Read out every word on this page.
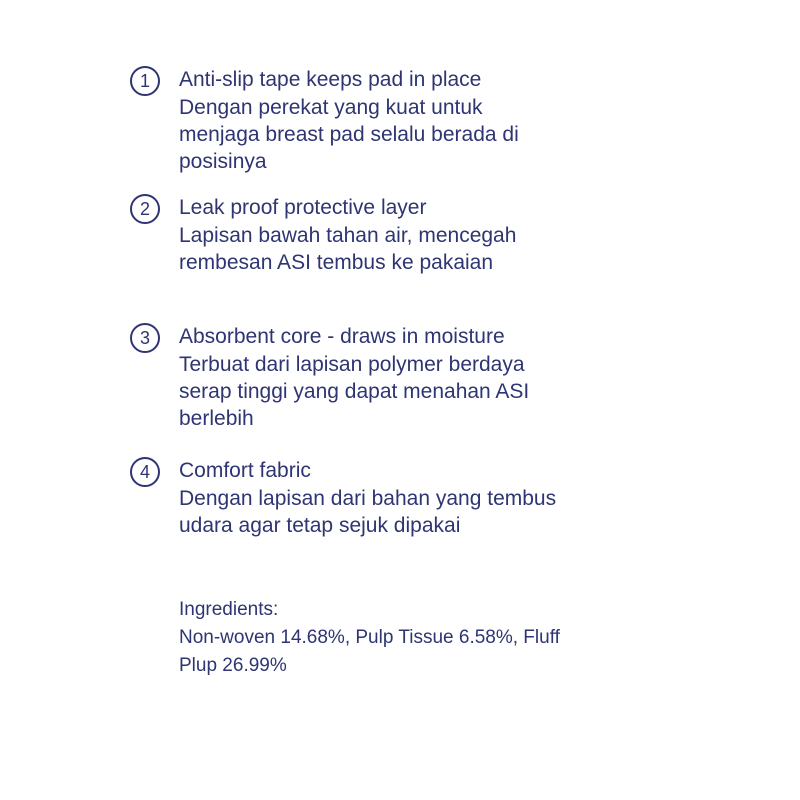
1	Anti-slip tape keeps pad in place
Dengan perekat yang kuat untuk
menjaga breast pad selalu berada di
posisinya
2	Leak proof protective layer
Lapisan bawah tahan air, mencegah
rembesan ASI tembus ke pakaian
3	Absorbent core - draws in moisture
Terbuat dari lapisan polymer berdaya
serap tinggi yang dapat menahan ASI
berlebih
4	Comfort fabric
Dengan lapisan dari bahan yang tembus
udara agar tetap sejuk dipakai
Ingredients:
Non-woven 14.68%, Pulp Tissue 6.58%, Fluff
Plup 26.99%
